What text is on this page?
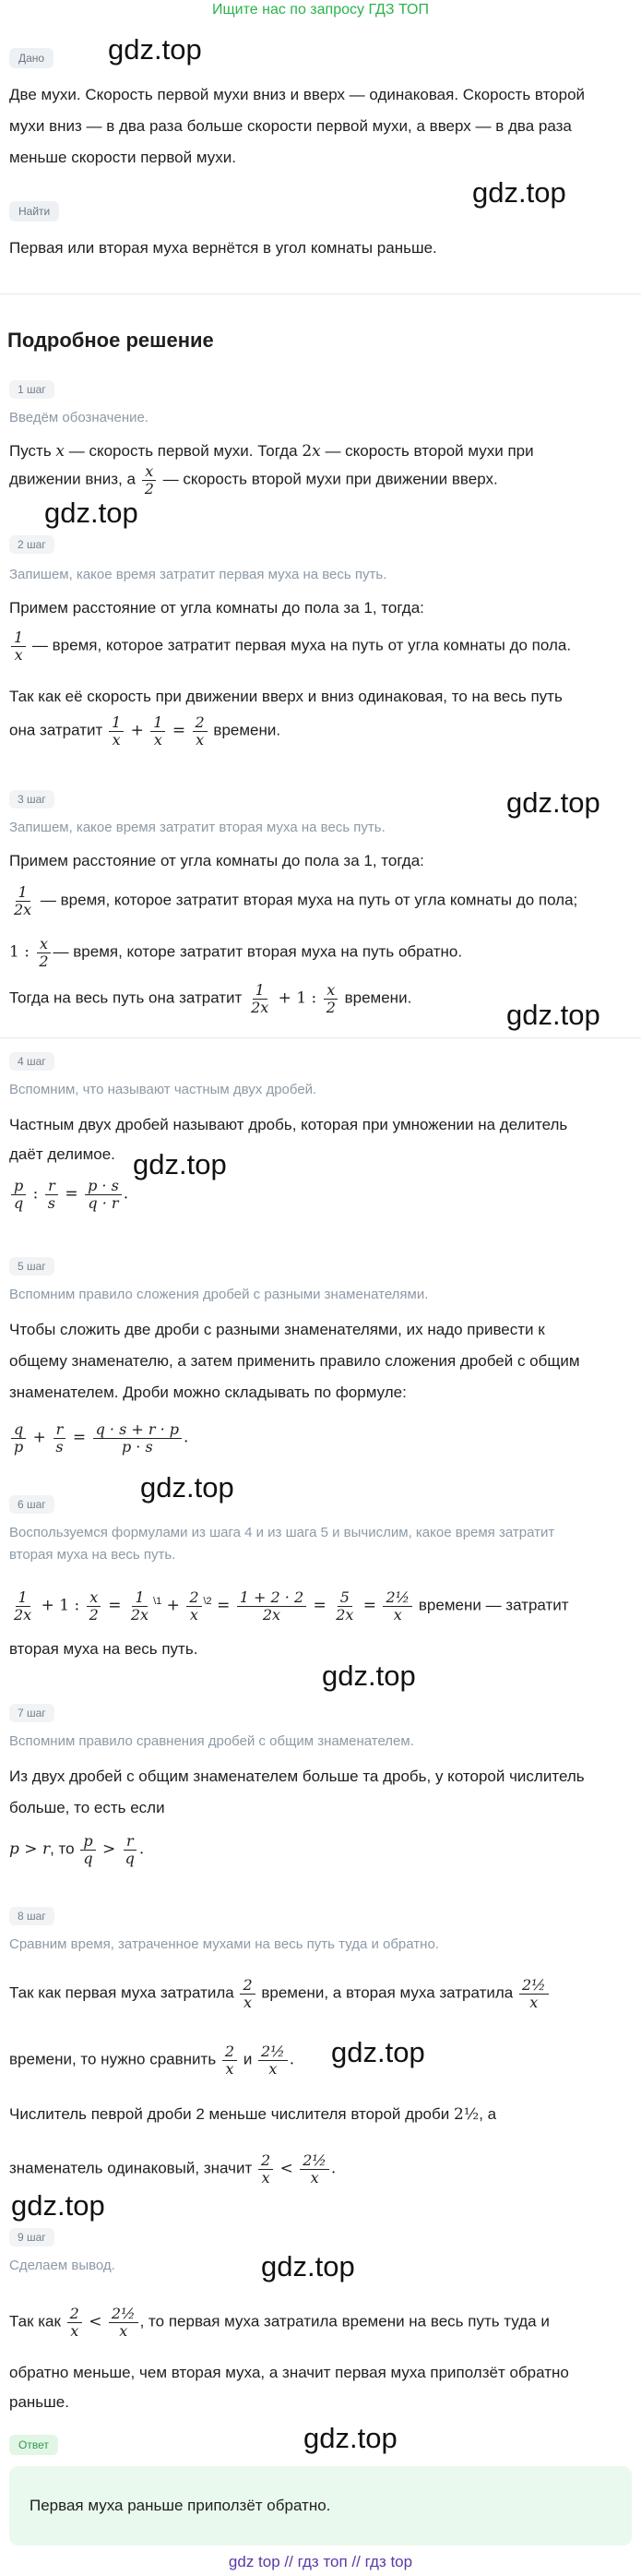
Ищите нас по запросу ГДЗ ТОП
Дано	gdz.top
Две мухи. Скорость первой мухи вниз и вверх — одинаковая. Скорость второй
мухи вниз — в два раза больше скорости первой мухи, а вверх — в два раза
меньше скорости первой мухи.
Найти
gdz.top
Первая или вторая муха вернётся в угол комнаты раньше.
Подробное решение
1 шаг
Введём обозначение.
Пусть x — скорость первой мухи. Тогда 2x — скорость второй мухи при
движении вниз, а $\frac{x}{2}$ — скорость второй мухи при движении вверх.
gdz.top
2 шаг
Запишем, какое время затратит первая муха на весь путь.
Примем расстояние от угла комнаты до пола за 1, тогда:
$\frac{1}{x}$ — время, которое затратит первая муха на путь от угла комнаты до пола.
Так как её скорость при движении вверх и вниз одинаковая, то на весь путь
она затратит $\frac{1}{x} + \frac{1}{x} = \frac{2}{x}$ времени.
gdz.top
3 шаг
Запишем, какое время затратит вторая муха на весь путь.
Примем расстояние от угла комнаты до пола за 1, тогда:
$\frac{1}{2x}$ — время, которое затратит вторая муха на путь от угла комнаты до пола;
1 : $\frac{x}{2}$ — время, которе затратит вторая муха на путь обратно.
Тогда на весь путь она затратит $\frac{1}{2x} + 1$ : $\frac{x}{2}$ времени.
gdz.top
4 шаг
Вспомним, что называют частным двух дробей.
Частным двух дробей называют дробь, которая при умножении на делитель
даёт делимое. gdz.top
$\frac{p}{q}$ : $\frac{r}{s} = \frac{p \cdot s}{q \cdot r}$ .
5 шаг
Вспомним правило сложения дробей с разными знаменателями.
Чтобы сложить две дроби с разными знаменателями, их надо привести к
общему знаменателю, а затем применить правило сложения дробей с общим
знаменателем. Дроби можно складывать по формуле:
$\frac{q}{p} + \frac{r}{s} = \frac{q \cdot s + r \cdot p}{p \cdot s}$ .
gdz.top
6 шаг
Воспользуемся формулами из шага 4 и из шага 5 и вычислим, какое время затратит
вторая муха на весь путь.
$\frac{1}{2x} + 1$ : $\frac{x}{2} = \frac{1}{2x} ^{\backslash 1} + \frac{2}{x} ^{\backslash 2} = \frac{1 + 2 \cdot 2}{2x} = \frac{5}{2x} = \frac{\text{2½}}{x}$ времени — затратит
вторая муха на весь путь.
gdz.top
7 шаг
Вспомним правило сравнения дробей с общим знаменателем.
Из двух дробей с общим знаменателем больше та дробь, у которой числитель
больше, то есть если
p > r, то $\frac{p}{q} > \frac{r}{q}$ .
8 шаг
Сравним время, затраченное мухами на весь путь туда и обратно.
Так как первая муха затратила $\frac{2}{x}$ времени, а вторая муха затратила $\frac{\text{2½}}{x}$
времени, то нужно сравнить $\frac{2}{x}$ и $\frac{\text{2½}}{x}$ . gdz.top
Числитель певрой дроби 2 меньше числителя второй дроби 2½, а
знаменатель одинаковый, значит $\frac{2}{x} < \frac{\text{2½}}{x}$ .
gdz.top
9 шаг
gdz.top
Сделаем вывод.
Так как $\frac{2}{x} < \frac{\text{2½}}{x}$ , то первая муха затратила времени на весь путь туда и
обратно меньше, чем вторая муха, а значит первая муха приползёт обратно
раньше.
gdz.top
Ответ
Первая муха раньше приползёт обратно.
gdz top // гдз топ // гдз top
